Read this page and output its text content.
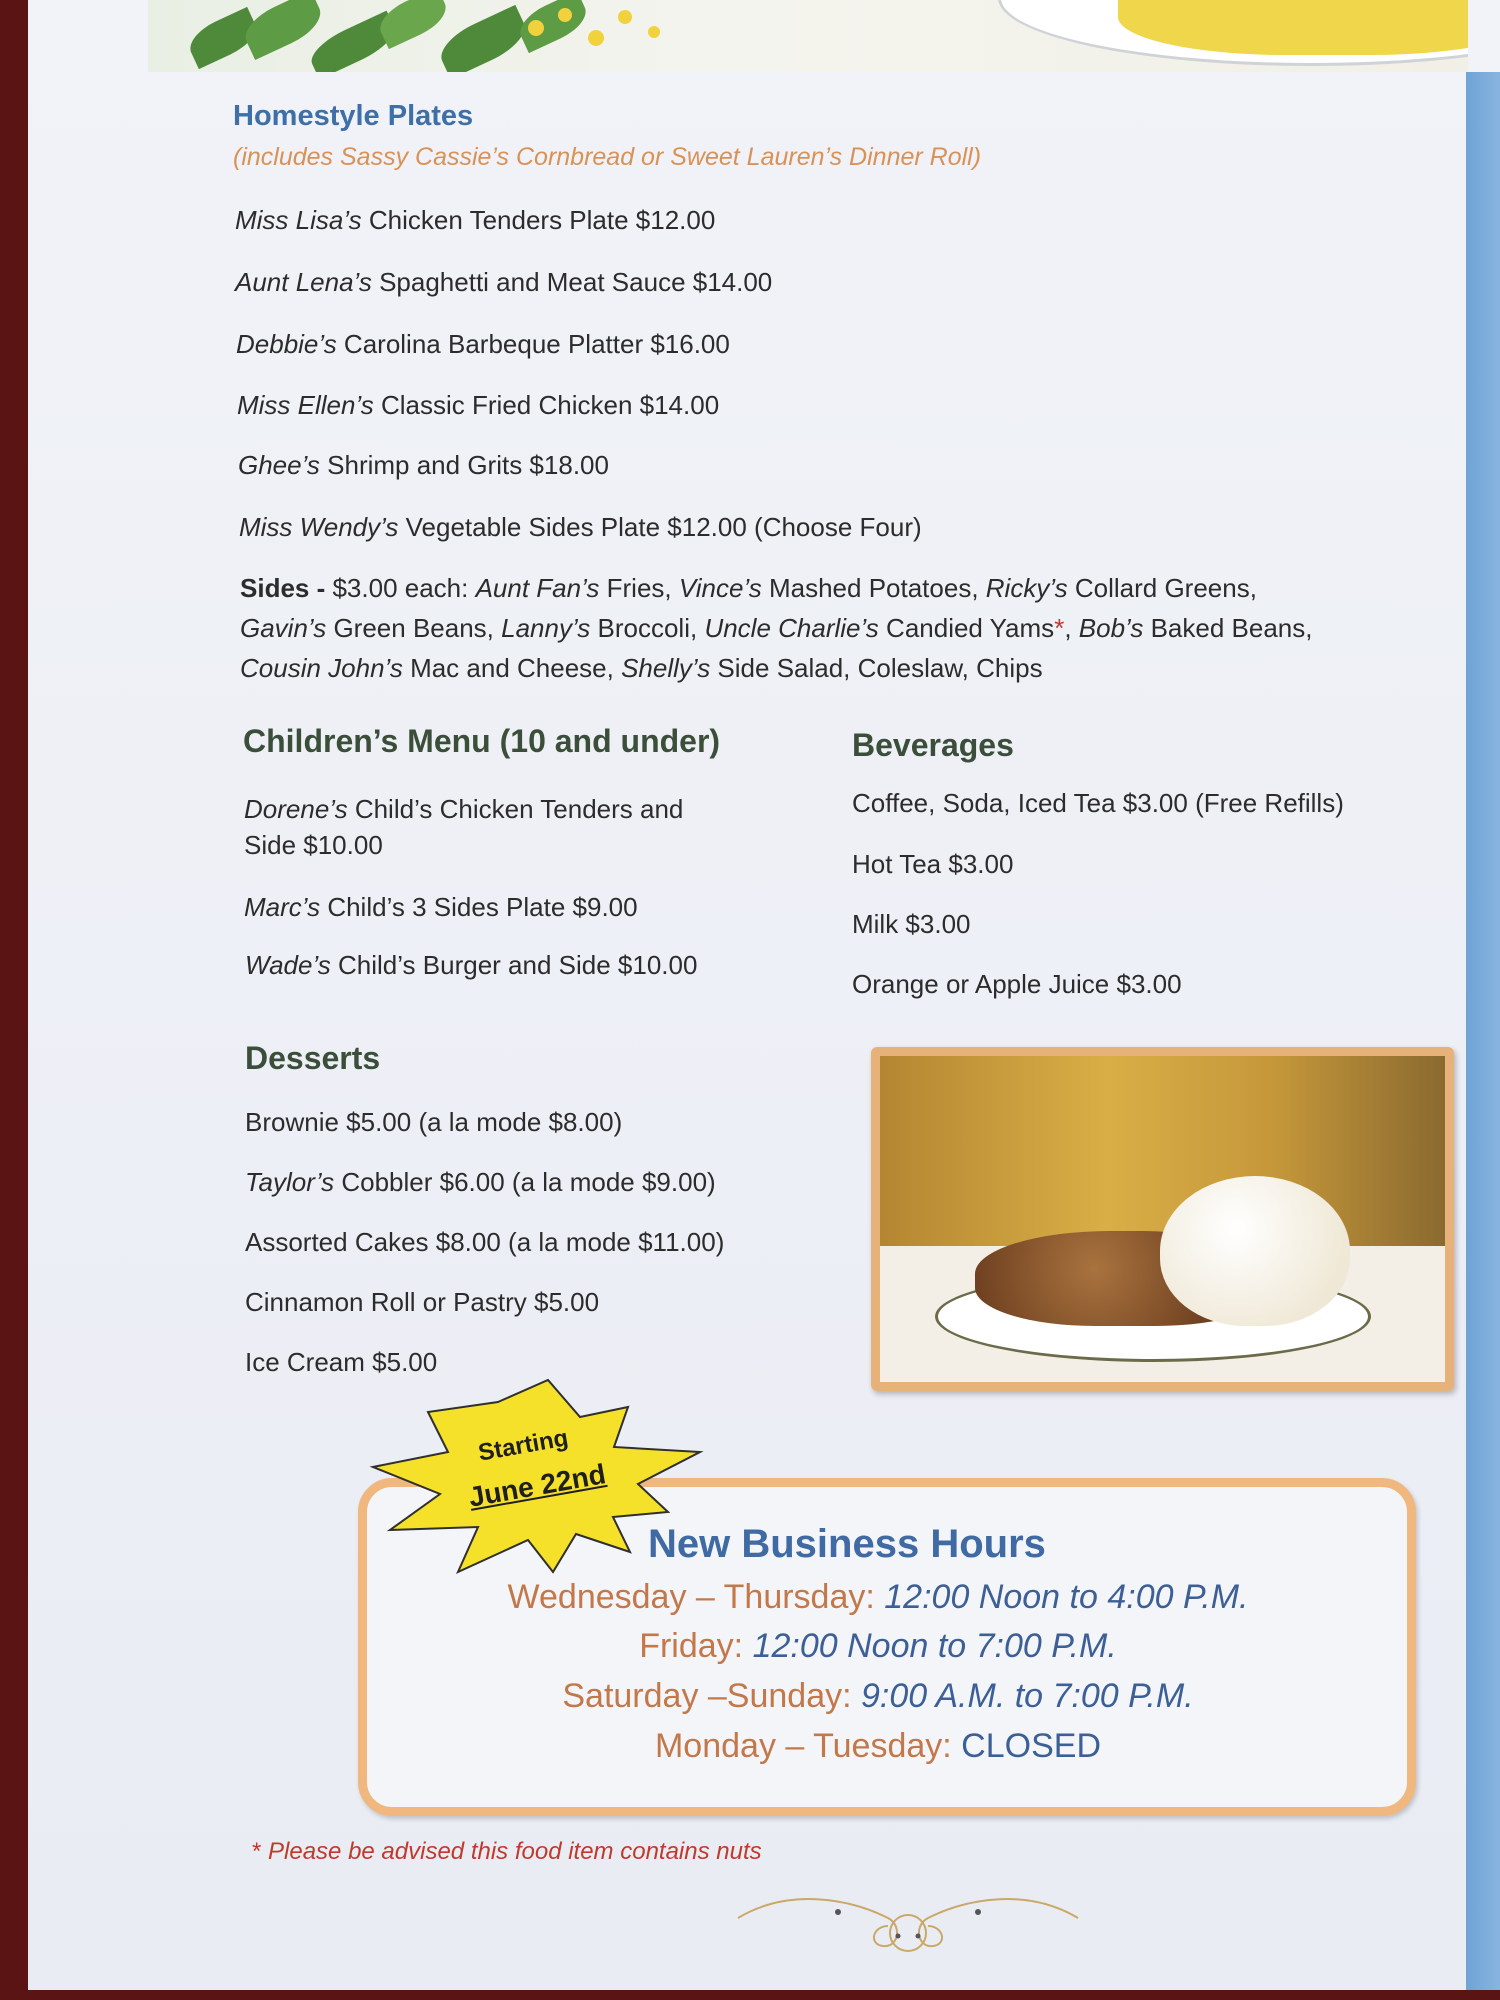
Homestyle Plates
(includes Sassy Cassie’s Cornbread or Sweet Lauren’s Dinner Roll)
Miss Lisa’s Chicken Tenders Plate $12.00
Aunt Lena’s Spaghetti and Meat Sauce $14.00
Debbie’s Carolina Barbeque Platter $16.00
Miss Ellen’s Classic Fried Chicken $14.00
Ghee’s Shrimp and Grits $18.00
Miss Wendy’s Vegetable Sides Plate $12.00 (Choose Four)
Sides - $3.00 each: Aunt Fan’s Fries, Vince’s Mashed Potatoes, Ricky’s Collard Greens,
Gavin’s Green Beans, Lanny’s Broccoli, Uncle Charlie’s Candied Yams*, Bob’s Baked Beans,
Cousin John’s Mac and Cheese, Shelly’s Side Salad, Coleslaw, Chips
Children’s Menu (10 and under)
Dorene’s Child’s Chicken Tenders and
Side $10.00
Marc’s Child’s 3 Sides Plate $9.00
Wade’s Child’s Burger and Side $10.00
Beverages
Coffee, Soda, Iced Tea $3.00 (Free Refills)
Hot Tea $3.00
Milk $3.00
Orange or Apple Juice $3.00
Desserts
Brownie $5.00 (a la mode $8.00)
Taylor’s Cobbler $6.00 (a la mode $9.00)
Assorted Cakes $8.00 (a la mode $11.00)
Cinnamon Roll or Pastry $5.00
Ice Cream $5.00
New Business Hours
Wednesday – Thursday: 12:00 Noon to 4:00 P.M.
Friday: 12:00 Noon to 7:00 P.M.
Saturday –Sunday: 9:00 A.M. to 7:00 P.M.
Monday – Tuesday: CLOSED
Starting
June 22nd
* Please be advised this food item contains nuts
